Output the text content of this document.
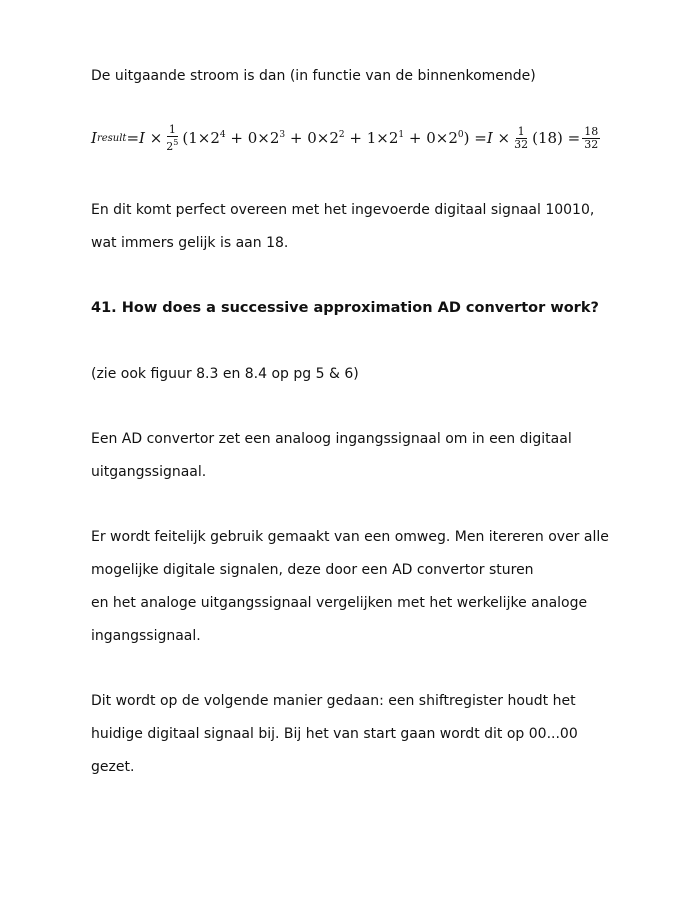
De uitgaande stroom is dan (in functie van de binnenkomende)
I result = $I \times \frac{1}{2^5} (1\times 2^4 + 0\times 2^3 + 0\times 2^2 + 1\times 2^1 + 0\times 2^0) = I \times \frac{1}{32} (18) = \frac{18}{32}$
En dit komt perfect overeen met het ingevoerde digitaal signaal 10010,
wat immers gelijk is aan 18.
41. How does a successive approximation AD convertor work?
(zie ook figuur 8.3 en 8.4 op pg 5 & 6)
Een AD convertor zet een analoog ingangssignaal om in een digitaal
uitgangssignaal.
Er wordt feitelijk gebruik gemaakt van een omweg. Men itereren over alle
mogelijke digitale signalen, deze door een AD convertor sturen
en het analoge uitgangssignaal vergelijken met het werkelijke analoge
ingangssignaal.
Dit wordt op de volgende manier gedaan: een shiftregister houdt het
huidige digitaal signaal bij. Bij het van start gaan wordt dit op 00...00
gezet.
